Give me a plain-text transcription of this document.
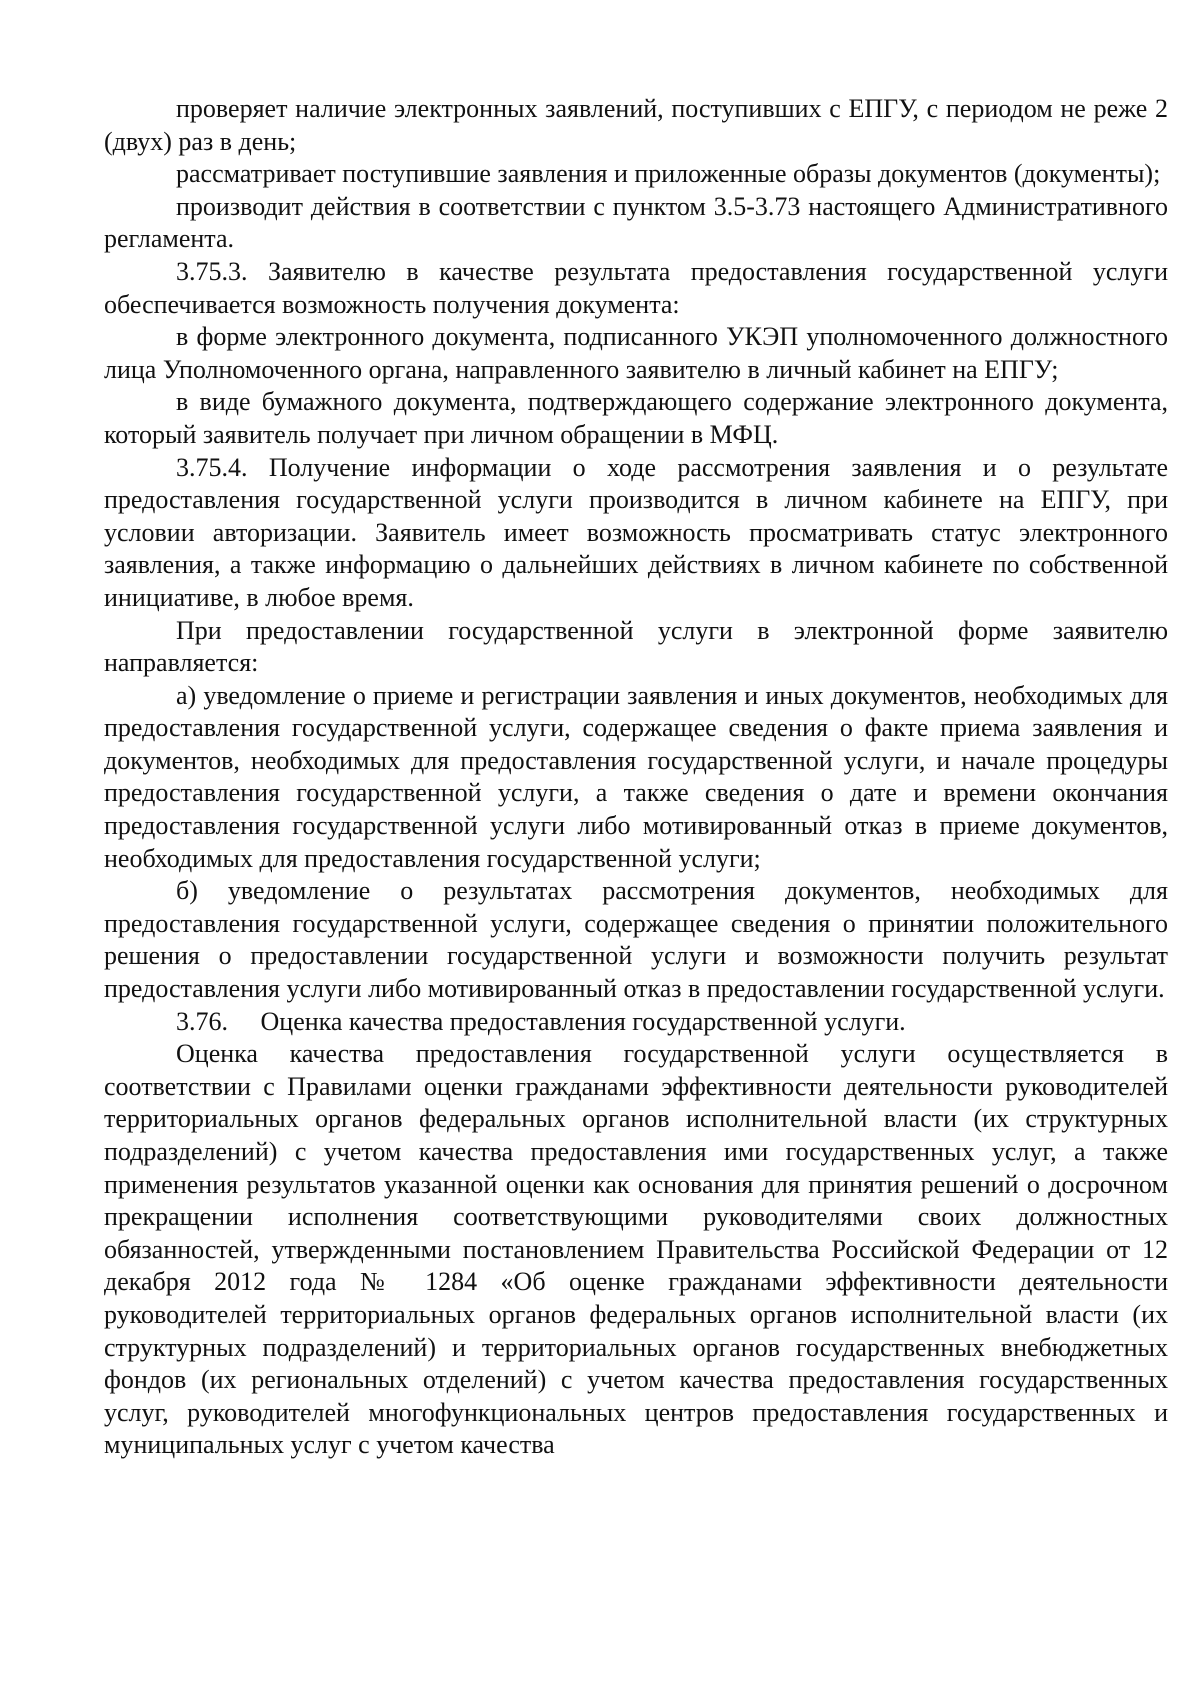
проверяет наличие электронных заявлений, поступивших с ЕПГУ, с периодом не реже 2 (двух) раз в день;

рассматривает поступившие заявления и приложенные образы документов (документы);

производит действия в соответствии с пунктом 3.5-3.73 настоящего Административного регламента.

3.75.3. Заявителю в качестве результата предоставления государственной услуги обеспечивается возможность получения документа:

в форме электронного документа, подписанного УКЭП уполномоченного должностного лица Уполномоченного органа, направленного заявителю в личный кабинет на ЕПГУ;

в виде бумажного документа, подтверждающего содержание электронного документа, который заявитель получает при личном обращении в МФЦ.

3.75.4. Получение информации о ходе рассмотрения заявления и о результате предоставления государственной услуги производится в личном кабинете на ЕПГУ, при условии авторизации. Заявитель имеет возможность просматривать статус электронного заявления, а также информацию о дальнейших действиях в личном кабинете по собственной инициативе, в любое время.

При предоставлении государственной услуги в электронной форме заявителю направляется:

а) уведомление о приеме и регистрации заявления и иных документов, необходимых для предоставления государственной услуги, содержащее сведения о факте приема заявления и документов, необходимых для предоставления государственной услуги, и начале процедуры предоставления государственной услуги, а также сведения о дате и времени окончания предоставления государственной услуги либо мотивированный отказ в приеме документов, необходимых для предоставления государственной услуги;

б) уведомление о результатах рассмотрения документов, необходимых для предоставления государственной услуги, содержащее сведения о принятии положительного решения о предоставлении государственной услуги и возможности получить результат предоставления услуги либо мотивированный отказ в предоставлении государственной услуги.

3.76.     Оценка качества предоставления государственной услуги.

Оценка качества предоставления государственной услуги осуществляется в соответствии с Правилами оценки гражданами эффективности деятельности руководителей территориальных органов федеральных органов исполнительной власти (их структурных подразделений) с учетом качества предоставления ими государственных услуг, а также применения результатов указанной оценки как основания для принятия решений о досрочном прекращении исполнения соответствующими руководителями своих должностных обязанностей, утвержденными постановлением Правительства Российской Федерации от 12 декабря 2012 года № 1284 «Об оценке гражданами эффективности деятельности руководителей территориальных органов федеральных органов исполнительной власти (их структурных подразделений) и территориальных органов государственных внебюджетных фондов (их региональных отделений) с учетом качества предоставления государственных услуг, руководителей многофункциональных центров предоставления государственных и муниципальных услуг с учетом качества
